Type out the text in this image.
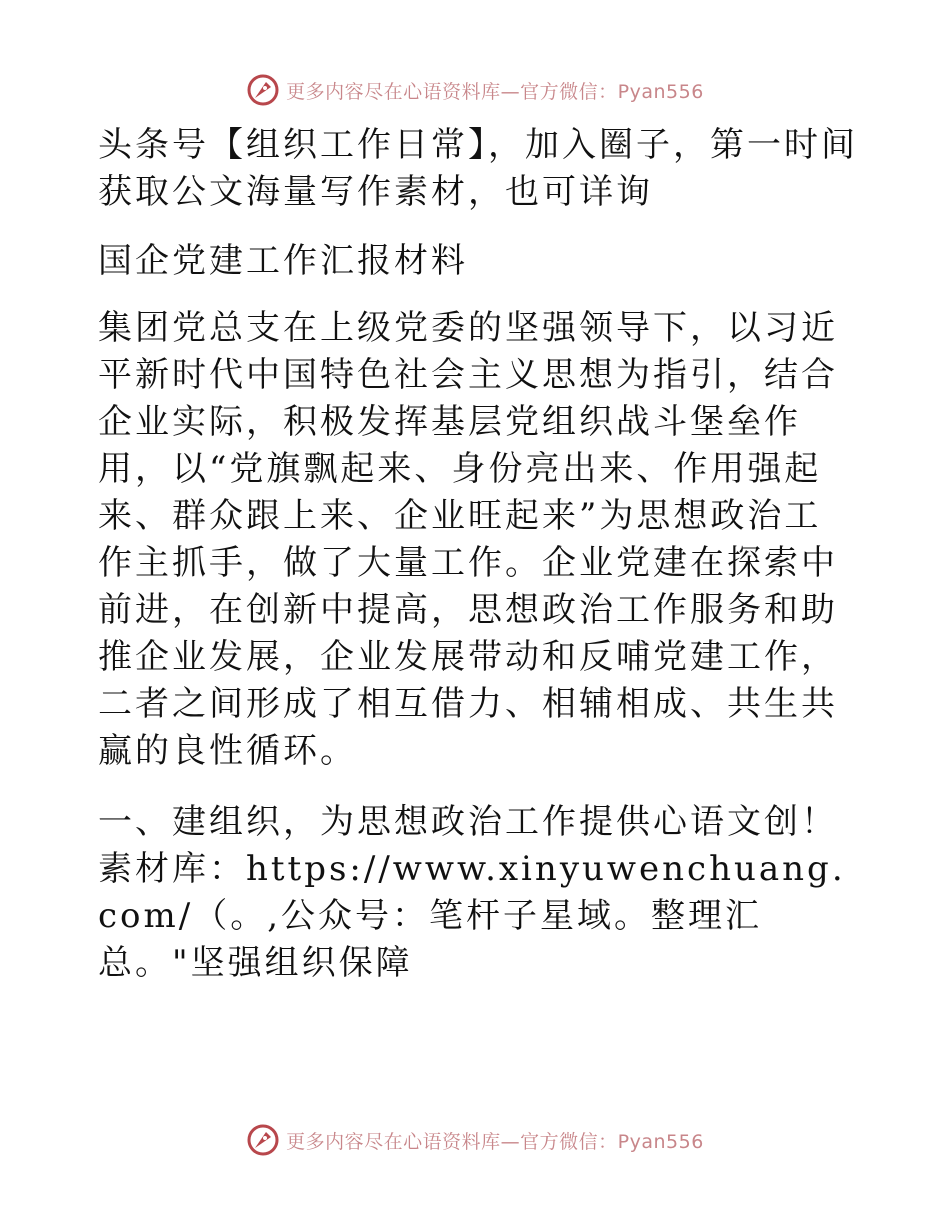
更多内容尽在心语资料库—官方微信：Pyan556

头条号【组织工作日常】，加入圈子，第一时间获取公文海量写作素材，也可详询

国企党建工作汇报材料

集团党总支在上级党委的坚强领导下，以习近平新时代中国特色社会主义思想为指引，结合企业实际，积极发挥基层党组织战斗堡垒作用，以“党旗飘起来、身份亮出来、作用强起来、群众跟上来、企业旺起来”为思想政治工作主抓手，做了大量工作。企业党建在探索中前进，在创新中提高，思想政治工作服务和助推企业发展，企业发展带动和反哺党建工作，二者之间形成了相互借力、相辅相成、共生共赢的良性循环。

一、建组织，为思想政治工作提供心语文创！素材库：https://www.xinyuwenchuang.com/（。,公众号：笔杆子星域。整理汇总。"坚强组织保障

更多内容尽在心语资料库—官方微信：Pyan556
